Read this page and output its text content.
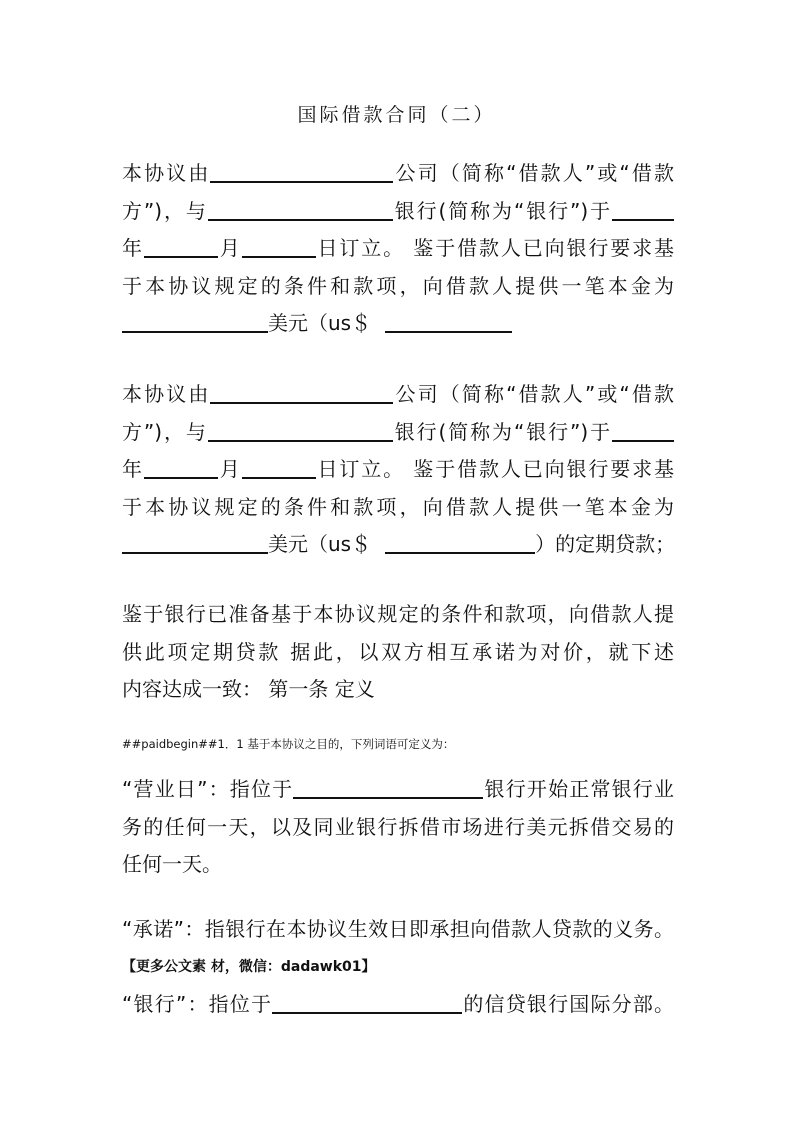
国际借款合同（二）
本协议由	公司（简称“借款人”或“借款
方”)，与	银行(简称为“银行”)于
年	月	日订立。 鉴于借款人已向银行要求基
于本协议规定的条件和款项，向借款人提供一笔本金为
美元（us＄
本协议由	公司（简称“借款人”或“借款
方”)，与	银行(简称为“银行”)于
年	月	日订立。 鉴于借款人已向银行要求基
于本协议规定的条件和款项，向借款人提供一笔本金为
美元（us＄	）的定期贷款；
鉴于银行已准备基于本协议规定的条件和款项，向借款人提
供此项定期贷款 据此，以双方相互承诺为对价，就下述
内容达成一致： 第一条 定义
##paidbegin##1．1 基于本协议之目的，下列词语可定义为：
“营业日”：指位于	银行开始正常银行业
务的任何一天，以及同业银行拆借市场进行美元拆借交易的
任何一天。
“承诺”：指银行在本协议生效日即承担向借款人贷款的义务。
【更多公文素 材，微信：dadawk01】
“银行”：指位于	的信贷银行国际分部。
